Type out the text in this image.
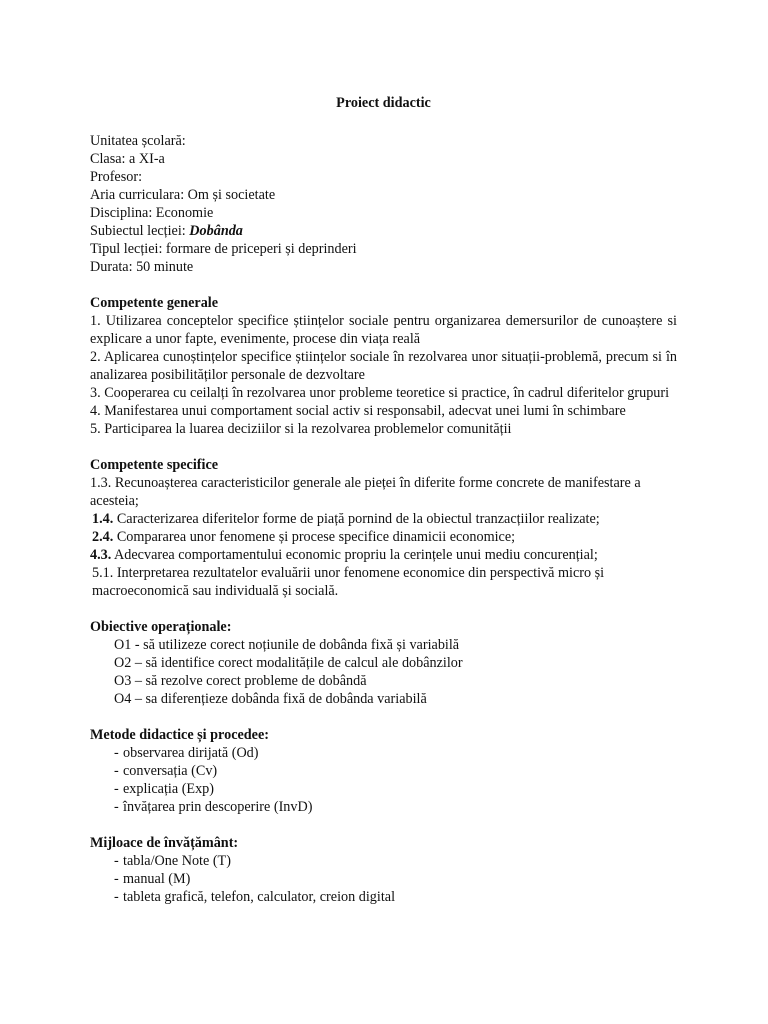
Proiect didactic

Unitatea școlară:

Clasa: a XI-a

Profesor:

Aria curriculara: Om și societate

Disciplina: Economie

Subiectul lecției: Dobânda

Tipul lecției: formare de priceperi și deprinderi

Durata: 50 minute

Competente generale

1. Utilizarea conceptelor specifice științelor sociale pentru organizarea demersurilor de cunoaștere si explicare a unor fapte, evenimente, procese din viața reală

2. Aplicarea cunoștințelor specifice științelor sociale în rezolvarea unor situații-problemă, precum si în analizarea posibilităților personale de dezvoltare

3. Cooperarea cu ceilalți în rezolvarea unor probleme teoretice si practice, în cadrul diferitelor grupuri

4. Manifestarea unui comportament social activ si responsabil, adecvat unei lumi în schimbare

5. Participarea la luarea deciziilor si la rezolvarea problemelor comunității

Competente specifice

1.3. Recunoașterea caracteristicilor generale ale pieței în diferite forme concrete de manifestare a acesteia;

1.4. Caracterizarea diferitelor forme de piață pornind de la obiectul tranzacțiilor realizate;

2.4. Compararea unor fenomene și procese specifice dinamicii economice;

4.3. Adecvarea comportamentului economic propriu la cerințele unui mediu concurențial;

5.1. Interpretarea rezultatelor evaluării unor fenomene economice din perspectivă micro și macroeconomică sau individuală și socială.

Obiective operaționale:

O1 - să utilizeze corect noțiunile de dobânda fixă și variabilă

O2 – să identifice corect modalitățile de calcul ale dobânzilor

O3 – să rezolve corect probleme de dobândă

O4 – sa diferențieze dobânda fixă de dobânda variabilă

Metode didactice și procedee:

- observarea dirijată (Od)
- conversația (Cv)
- explicația (Exp)
- învățarea prin descoperire (InvD)

Mijloace de învățământ:

- tabla/One Note (T)
- manual (M)
- tableta grafică, telefon, calculator, creion digital
